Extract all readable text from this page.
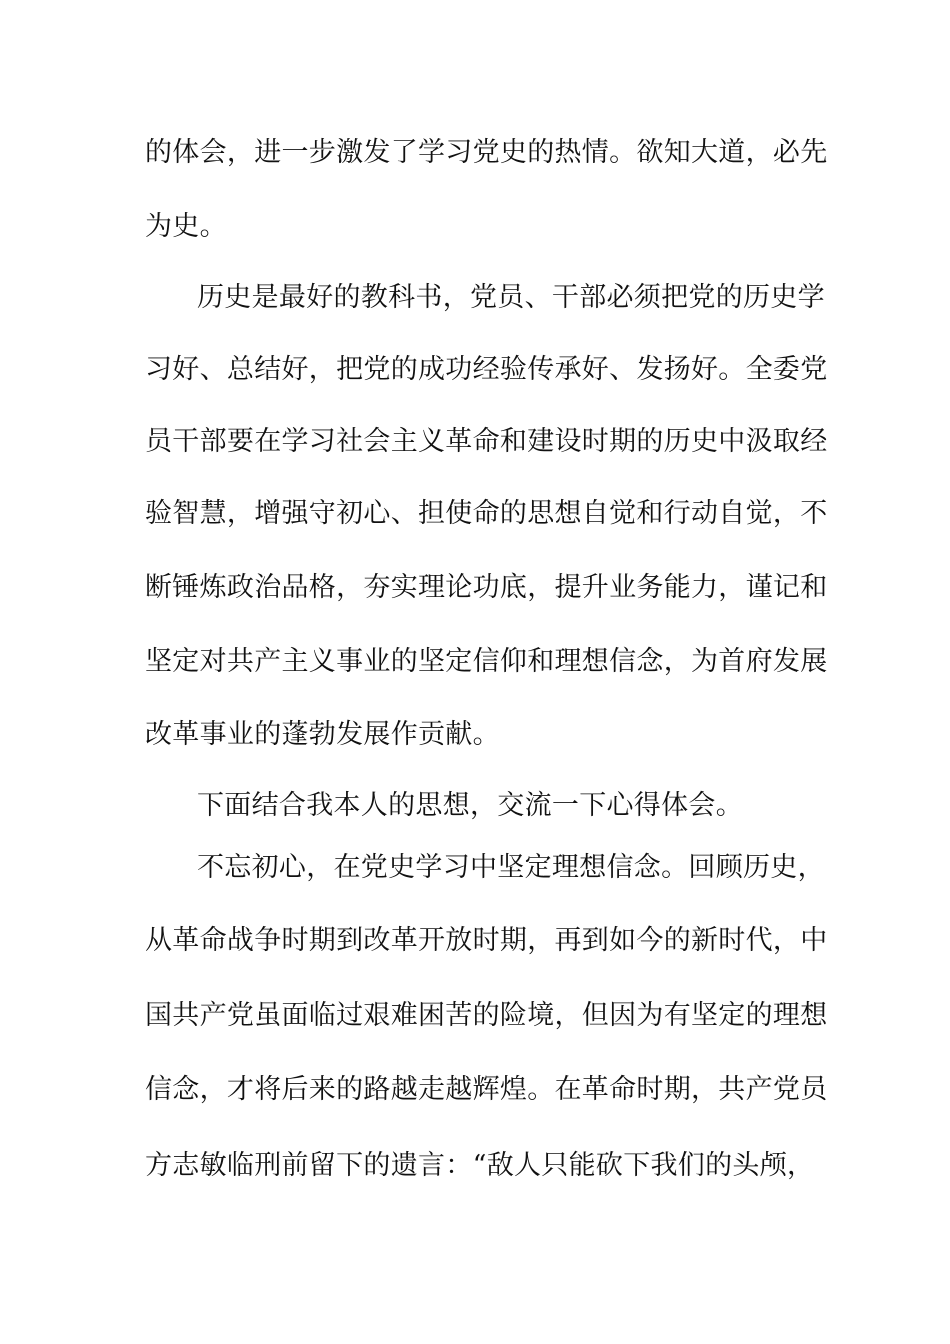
的体会，进一步激发了学习党史的热情。欲知大道，必先
为史。
历史是最好的教科书，党员、干部必须把党的历史学
习好、总结好，把党的成功经验传承好、发扬好。全委党
员干部要在学习社会主义革命和建设时期的历史中汲取经
验智慧，增强守初心、担使命的思想自觉和行动自觉，不
断锤炼政治品格，夯实理论功底，提升业务能力，谨记和
坚定对共产主义事业的坚定信仰和理想信念，为首府发展
改革事业的蓬勃发展作贡献。
下面结合我本人的思想，交流一下心得体会。
不忘初心，在党史学习中坚定理想信念。回顾历史，
从革命战争时期到改革开放时期，再到如今的新时代，中
国共产党虽面临过艰难困苦的险境，但因为有坚定的理想
信念，才将后来的路越走越辉煌。在革命时期，共产党员
方志敏临刑前留下的遗言：“敌人只能砍下我们的头颅，
